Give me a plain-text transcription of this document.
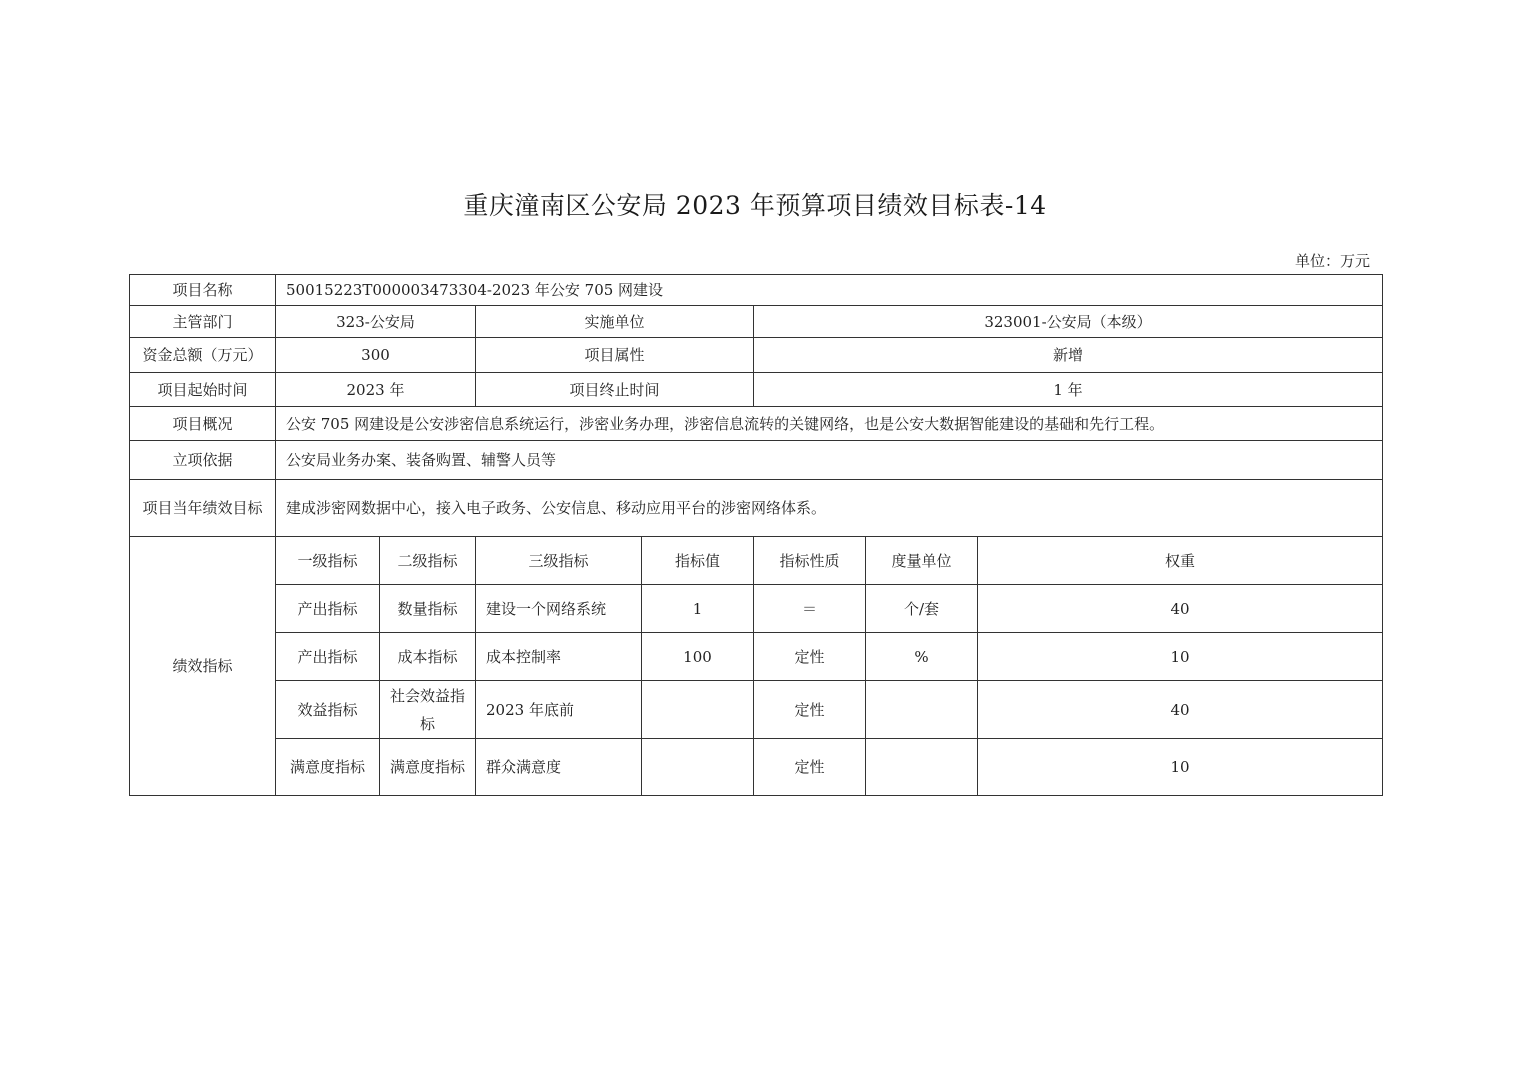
重庆潼南区公安局 2023 年预算项目绩效目标表-14
单位：万元
项目名称	50015223T000003473304-2023 年公安 705 网建设						
主管部门	323-公安局		实施单位		323001-公安局（本级）		
资金总额（万元）	300		项目属性		新增		
项目起始时间	2023 年		项目终止时间		1 年		
项目概况	公安 705 网建设是公安涉密信息系统运行，涉密业务办理，涉密信息流转的关键网络，也是公安大数据智能建设的基础和先行工程。						
立项依据	公安局业务办案、装备购置、辅警人员等						
项目当年绩效目标	建成涉密网数据中心，接入电子政务、公安信息、移动应用平台的涉密网络体系。						
绩效指标	一级指标	二级指标	三级指标	指标值	指标性质	度量单位	权重
	产出指标	数量指标	建设一个网络系统	1	＝	个/套	40
	产出指标	成本指标	成本控制率	100	定性	%	10
	效益指标	社会效益指标	2023 年底前		定性		40
	满意度指标	满意度指标	群众满意度		定性		10
